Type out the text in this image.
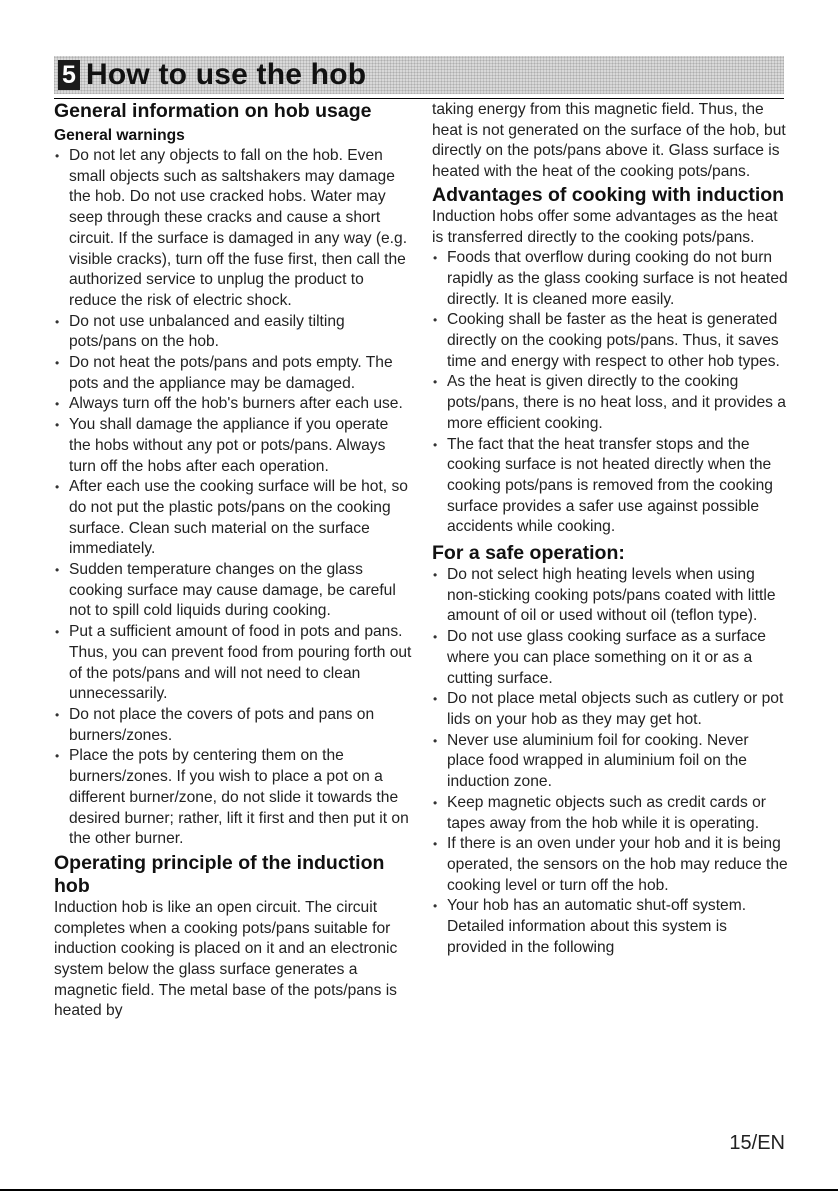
5 How to use the hob
General information on hob usage
General warnings
• Do not let any objects to fall on the hob. Even small objects such as saltshakers may damage the hob. Do not use cracked hobs. Water may seep through these cracks and cause a short circuit. If the surface is damaged in any way (e.g. visible cracks), turn off the fuse first, then call the authorized service to unplug the product to reduce the risk of electric shock.
• Do not use unbalanced and easily tilting pots/pans on the hob.
• Do not heat the pots/pans and pots empty. The pots and the appliance may be damaged.
• Always turn off the hob's burners after each use.
• You shall damage the appliance if you operate the hobs without any pot or pots/pans. Always turn off the hobs after each operation.
• After each use the cooking surface will be hot, so do not put the plastic pots/pans on the cooking surface. Clean such material on the surface immediately.
• Sudden temperature changes on the glass cooking surface may cause damage, be careful not to spill cold liquids during cooking.
• Put a sufficient amount of food in pots and pans. Thus, you can prevent food from pouring forth out of the pots/pans and will not need to clean unnecessarily.
• Do not place the covers of pots and pans on burners/zones.
• Place the pots by centering them on the burners/zones. If you wish to place a pot on a different burner/zone, do not slide it towards the desired burner; rather, lift it first and then put it on the other burner.
Operating principle of the induction hob

Induction hob is like an open circuit. The circuit completes when a cooking pots/pans suitable for induction cooking is placed on it and an electronic system below the glass surface generates a magnetic field. The metal base of the pots/pans is heated by

taking energy from this magnetic field. Thus, the heat is not generated on the surface of the hob, but directly on the pots/pans above it. Glass surface is heated with the heat of the cooking pots/pans.

Advantages of cooking with induction

Induction hobs offer some advantages as the heat is transferred directly to the cooking pots/pans.

• Foods that overflow during cooking do not burn rapidly as the glass cooking surface is not heated directly. It is cleaned more easily.
• Cooking shall be faster as the heat is generated directly on the cooking pots/pans. Thus, it saves time and energy with respect to other hob types.
• As the heat is given directly to the cooking pots/pans, there is no heat loss, and it provides a more efficient cooking.
• The fact that the heat transfer stops and the cooking surface is not heated directly when the cooking pots/pans is removed from the cooking surface provides a safer use against possible accidents while cooking.
For a safe operation:
• Do not select high heating levels when using non-sticking cooking pots/pans coated with little amount of oil or used without oil (teflon type).
• Do not use glass cooking surface as a surface where you can place something on it or as a cutting surface.
• Do not place metal objects such as cutlery or pot lids on your hob as they may get hot.
• Never use aluminium foil for cooking. Never place food wrapped in aluminium foil on the induction zone.
• Keep magnetic objects such as credit cards or tapes away from the hob while it is operating.
• If there is an oven under your hob and it is being operated, the sensors on the hob may reduce the cooking level or turn off the hob.
• Your hob has an automatic shut-off system. Detailed information about this system is provided in the following
15/EN
